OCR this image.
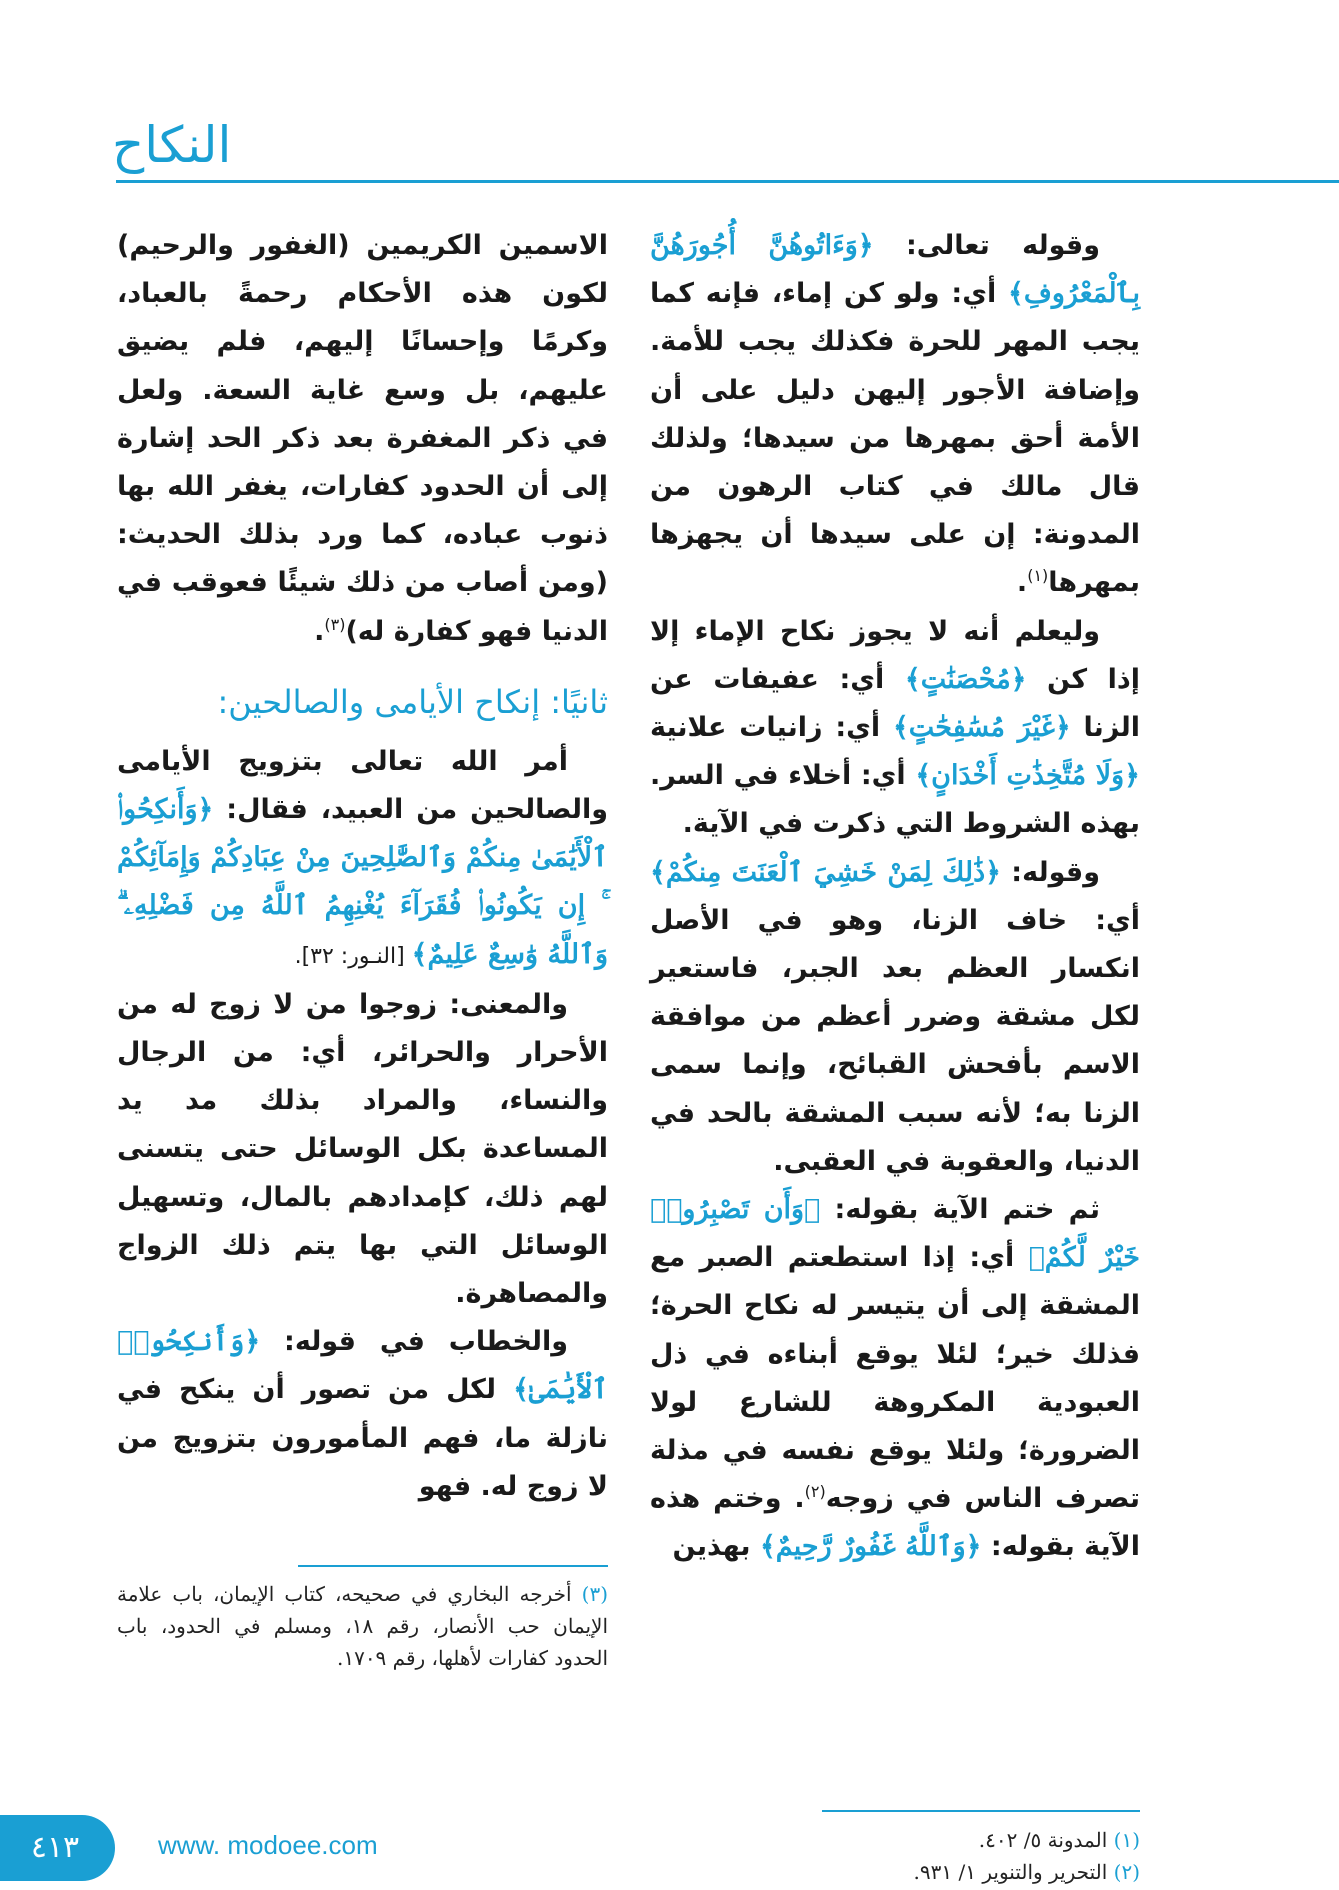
النكاح

وقوله تعالى: ﴿وَءَاتُوهُنَّ أُجُورَهُنَّ بِٱلْمَعْرُوفِ﴾ أي: ولو كن إماء، فإنه كما يجب المهر للحرة فكذلك يجب للأمة. وإضافة الأجور إليهن دليل على أن الأمة أحق بمهرها من سيدها؛ ولذلك قال مالك في كتاب الرهون من المدونة: إن على سيدها أن يجهزها بمهرها$^{(١)}$.

وليعلم أنه لا يجوز نكاح الإماء إلا إذا كن ﴿مُحْصَنَٰتٍ﴾ أي: عفيفات عن الزنا ﴿غَيْرَ مُسَٰفِحَٰتٍ﴾ أي: زانيات علانية ﴿وَلَا مُتَّخِذَٰتِ أَخْدَانٍ﴾ أي: أخلاء في السر. بهذه الشروط التي ذكرت في الآية.

وقوله: ﴿ذَٰلِكَ لِمَنْ خَشِيَ ٱلْعَنَتَ مِنكُمْ﴾ أي: خاف الزنا، وهو في الأصل انكسار العظم بعد الجبر، فاستعير لكل مشقة وضرر أعظم من موافقة الاسم بأفحش القبائح، وإنما سمى الزنا به؛ لأنه سبب المشقة بالحد في الدنيا، والعقوبة في العقبى.

ثم ختم الآية بقوله: ﴿وَأَن تَصْبِرُوا۟ خَيْرٌ لَّكُمْ﴾ أي: إذا استطعتم الصبر مع المشقة إلى أن يتيسر له نكاح الحرة؛ فذلك خير؛ لئلا يوقع أبناءه في ذل العبودية المكروهة للشارع لولا الضرورة؛ ولئلا يوقع نفسه في مذلة تصرف الناس في زوجه$^{(٢)}$. وختم هذه الآية بقوله: ﴿وَٱللَّهُ غَفُورٌ رَّحِيمٌ﴾ بهذين

الاسمين الكريمين (الغفور والرحيم) لكون هذه الأحكام رحمةً بالعباد، وكرمًا وإحسانًا إليهم، فلم يضيق عليهم، بل وسع غاية السعة. ولعل في ذكر المغفرة بعد ذكر الحد إشارة إلى أن الحدود كفارات، يغفر الله بها ذنوب عباده، كما ورد بذلك الحديث: (ومن أصاب من ذلك شيئًا فعوقب في الدنيا فهو كفارة له)$^{(٣)}$.

ثانيًا: إنكاح الأيامى والصالحين:

أمر الله تعالى بتزويج الأيامى والصالحين من العبيد، فقال: ﴿وَأَنكِحُوا۟ ٱلْأَيَٰمَىٰ مِنكُمْ وَٱلصَّٰلِحِينَ مِنْ عِبَادِكُمْ وَإِمَآئِكُمْ ۚ إِن يَكُونُوا۟ فُقَرَآءَ يُغْنِهِمُ ٱللَّهُ مِن فَضْلِهِۦ ۗ وَٱللَّهُ وَٰسِعٌ عَلِيمٌ﴾ [النـور: ٣٢].

والمعنى: زوجوا من لا زوج له من الأحرار والحرائر، أي: من الرجال والنساء، والمراد بذلك مد يد المساعدة بكل الوسائل حتى يتسنى لهم ذلك، كإمدادهم بالمال، وتسهيل الوسائل التي بها يتم ذلك الزواج والمصاهرة.

والخطاب في قوله: ﴿وَأَنكِحُوا۟ ٱلْأَيَٰمَىٰ﴾ لكل من تصور أن ينكح في نازلة ما، فهم المأمورون بتزويج من لا زوج له. فهو

(٣) أخرجه البخاري في صحيحه، كتاب الإيمان، باب علامة الإيمان حب الأنصار، رقم ١٨، ومسلم في الحدود، باب الحدود كفارات لأهلها، رقم ١٧٠٩.
(١) المدونة ٥/ ٤٠٢.
(٢) التحرير والتنوير ١/ ٩٣١.
٤١٣	www. modoee.com
